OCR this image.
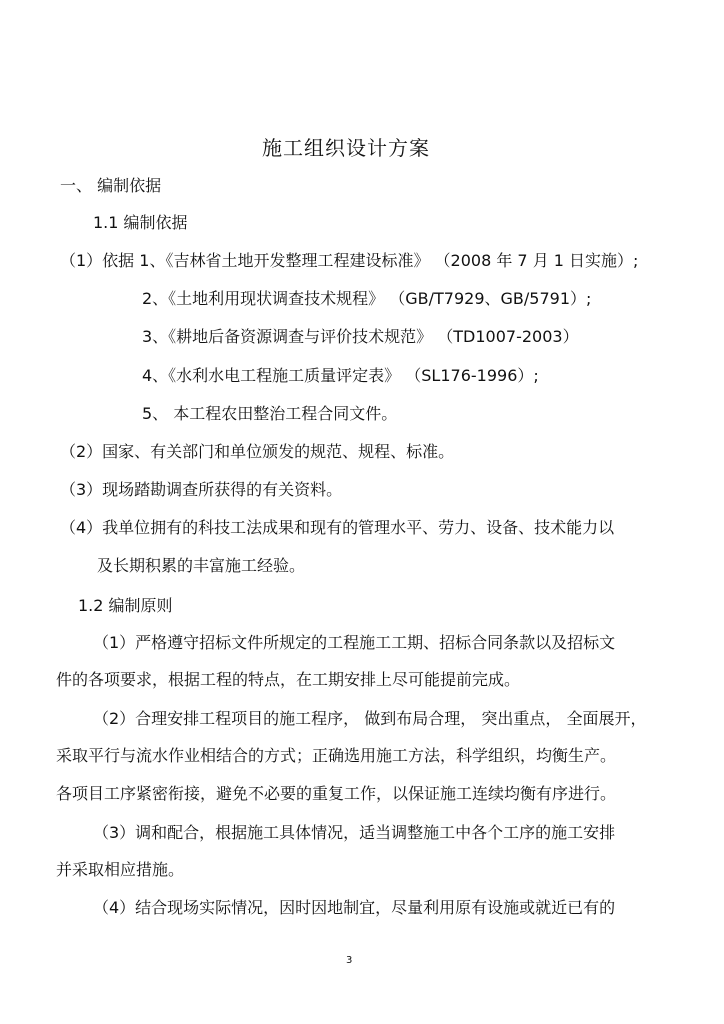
施工组织设计方案
一、 编制依据
1.1 编制依据
（1）依据 1、《吉林省土地开发整理工程建设标准》 （2008 年 7 月 1 日实施）;
2、《土地利用现状调查技术规程》 （GB/T7929、GB/5791）;
3、《耕地后备资源调查与评价技术规范》 （TD1007-2003）
4、《水利水电工程施工质量评定表》 （SL176-1996）;
5、 本工程农田整治工程合同文件。
（2）国家、有关部门和单位颁发的规范、规程、标准。
（3）现场踏勘调查所获得的有关资料。
（4）我单位拥有的科技工法成果和现有的管理水平、劳力、设备、技术能力以
及长期积累的丰富施工经验。
1.2 编制原则
（1）严格遵守招标文件所规定的工程施工工期、招标合同条款以及招标文
件的各项要求，根据工程的特点，在工期安排上尽可能提前完成。
（2）合理安排工程项目的施工程序， 做到布局合理， 突出重点， 全面展开，
采取平行与流水作业相结合的方式；正确选用施工方法，科学组织，均衡生产。
各项目工序紧密衔接，避免不必要的重复工作，以保证施工连续均衡有序进行。
（3）调和配合，根据施工具体情况，适当调整施工中各个工序的施工安排
并采取相应措施。
（4）结合现场实际情况，因时因地制宜，尽量利用原有设施或就近已有的
3
